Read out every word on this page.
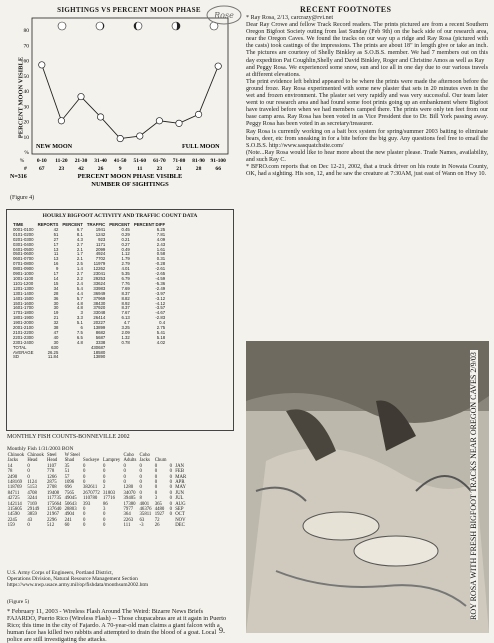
SIGHTINGS VS PERCENT MOON PHASE
PERCENT MOON VISIBLE
80
70
60
50
40
30
20
10
%
NEW MOON	FULL MOON
0-10
67
11-20
23
21-30
42
31-40
26
41-50
9
51-60
11
61-70
23
71-80
21
81-90
28
91-100
66
%
#
N=316	PERCENT MOON PHASE VISIBLE
NUMBER OF SIGHTINGS
(Figure 4)
HOURLY BIGFOOT ACTIVITY AND TRAFFIC COUNT DATA
TIME	REPORTS	PERCENT	TRAFFIC	PERCENT	PERCENT DIFF
0001-0100	42	6.7	1941	0.45	6.25
0101-0200	51	8.1	1242	0.29	7.81
0201-0300	27	4.3	923	0.21	4.09
0301-0400	17	2.7	1171	0.27	2.43
0401-0500	13	2.1	2099	0.49	1.61
0501-0600	11	1.7	4924	1.12	0.58
0601-0700	13	2.1	7702	1.79	0.31
0701-0800	16	2.5	11979	2.79	-0.28
0801-0900	9	1.4	12262	4.01	-2.61
0901-1000	17	2.7	23041	5.35	-2.65
1001-1100	14	2.2	29253	6.79	-4.59
1101-1200	15	2.4	33624	7.76	-5.36
1201-1300	34	5.4	33983	7.69	-2.49
1301-1400	28	4.4	36949	8.37	-3.97
1401-1500	36	5.7	37969	8.82	-3.12
1501-1600	30	4.8	38430	8.92	-4.12
1601-1700	30	4.8	37920	8.37	-3.57
1701-1800	19	3	33048	7.67	-4.67
1801-1900	21	3.3	26414	6.13	-2.83
1901-2000	32	5.1	20227	4.7	0.4
2001-2100	38	6	13899	3.25	2.75
2101-2200	47	7.5	8682	2.09	5.41
2201-2300	40	6.5	5687	1.32	5.18
2301-2400	30	4.8	3338	0.78	4.02
TOTAL	630		430687		
AVERAGE	26.25		18580		
SD	11.84		13890		
MONTHLY FISH COUNTS-BONNEVILLE 2002
Monthly Fish 1/31/2003 BON
Chinook	Chinook	Steel	W Steel			Coho	Coho			
Jacks	Head	Head	Shad	Sockeye	Lamprey	Adults	Jacks	Chum		
14	0	1107	35	0	0	0	0	0	0	JAN
78	0	778	51	0	0	0	0	0	0	FEB
2490	0	1266	57	0	0	0	0	0	0	MAR
148169	1124	2875	1096	0	0	0	0	0	0	APR
118769	5153	2708	696	382611	2	1280	0	0	0	MAY
84711	4708	19408	7565	2670772	31803	34070	0	0	0	JUN
42725	3244	117735	49045	110780	17716	39405	8	3	0	JUL
142114	7169	175664	50643	393	86	17380	4001	365	0	AUG
315605	29149	137640	28803	0	3	7977	46376	4480	0	SEP
14590	3859	21967	4904	0	0	364	35811	1927	0	OCT
2245	43	2296	241	0	0	2263	63	72		NOV
159	0	512	60	0	0	111	-3	26		DEC
U.S. Army Corps of Engineers, Portland District,
Operations Division, Natural Resource Management Section
https://www.nwp.usace.army.mil/op/fishdata/monthsum2002.htm
(Figure 5)
* February 11, 2003 - Wireless Flash Around The Weird: Bizarre News Briefs FAJARDO, Puerto Rico (Wireless Flash) -- Those chupacabras are at it again in Puerto Rico; this time in the city of Fajardo. A 70-year-old man claims a giant falcon with a human face has killed two rabbits and attempted to drain the blood of a goat. Local police are still investigating the attacks.
Rose
RECENT FOOTNOTES

* Ray Rosa, 2/13, carcrazy@rvi.net

Dear Ray Crowe and fellow Track Record readers. The prints pictured are from a recent Southern Oregon Bigfoot Society outing from last Sunday (Feb 9th) on the back side of our research area, near the Oregon Caves. We found the tracks on our way up a ridge and Ray Rosa (pictured with the casts) took castings of the impressions. The prints are about 18" in length give or take an inch. The pictures are courtesy of Shelly Binkley as S.O.B.S. member. We had 7 members out on this day expedition Pat Coughlin,Shelly and David Binkley, Roger and Christine Amos as well as Ray

and Peggy Rosa. We experienced some snow, sun and ice all in one day due to our various travels at different elevations.

The print evidence left behind appeared to be where the prints were made the afternoon before the ground froze. Ray Rosa experimented with some new plaster that sets in 20 minutes even in the wet and frozen environment. The plaster set very rapidly and was very successful. Our team later went to our research area and had found some foot prints going up an embankment where Bigfoot have traveled before when we had members camped there. The prints were only ten feet from our base camp area. Ray Rosa has been voted in as Vice President due to Dr. Bill York passing away. Peggy Rosa has been voted in as secretary/treasurer.

Ray Rosa is currently working on a bait box system for spring/summer 2003 baiting to eliminate bears, deer, etc from sneaking in for a bite before the big guy. Any questions feel free to email the S.O.B.S. http://www.sasquatchsite.com/

(Note...Ray Rosa would like to hear more about the new plaster please. Trade Names, availability, and such Ray C.

* BFRO.com reports that on Dec 12-21, 2002, that a truck driver on his route in Nowata County, OK, had a sighting. His son, 12, and he saw the creature at 7:30AM, just east of Wann on Hwy 10.

ROY ROSA WITH FRESH BIGFOOT TRACKS NEAR OREGON CAVES 2/9/03
9.
